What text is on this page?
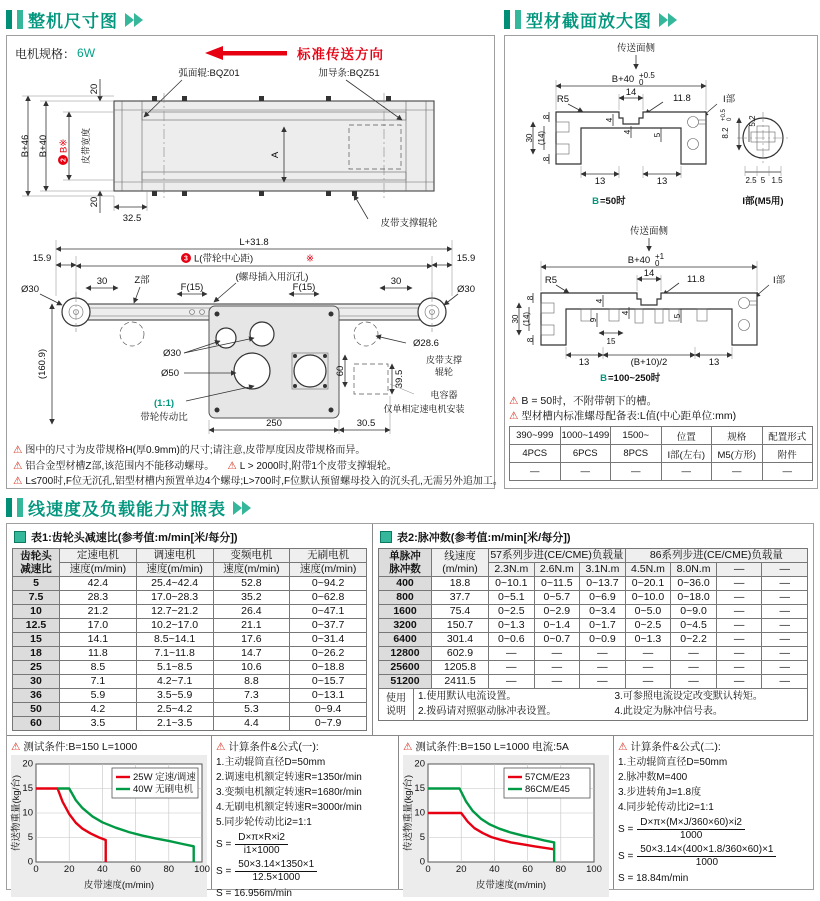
整机尺寸图
电机规格： 6W	标准传送方向
弧面辊:BQZ01	加导条:BQZ51
皮带支撑辊轮
B+46 B+40
2
B※ 皮带宽度
20
20
32.5
A

L+31.8
15.9	15.9
3 L(带轮中心距)	※
(螺母插入用沉孔)
Ø30	Ø30
30	30
Z部
F(15)	F(15)
(160.9)	Ø30
Ø50
Ø28.6
皮带支撑
辊轮
60	39.5
电容器
仅单相定速电机安装
(1:1)
带轮传动比
250	30.5
⚠ 图中的尺寸为皮带规格H(厚0.9mm)的尺寸;请注意,皮带厚度因皮带规格而异。
⚠ 铝合金型材槽Z部,该范围内不能移动螺母。 ⚠ L > 2000时,附带1个皮带支撑辊轮。
⚠ L≤700时,F位无沉孔,铝型材槽内预置单边4个螺母;L>700时,F位默认预留螺母投入的沉头孔,无需另外追加工。
型材截面放大图
传送面侧
B+40 +0.5
0
14
R5	11.8	I部
8
30 (14)
8
4
4
5
13	13
B =50时
8.2
+0.5 0 5.2
2.5 5 1.5
I部(M5用)

传送面侧
B+40 +1
0
14
R5	11.8	I部
8
30 (14)
8
4
4
9
15
5
13	(B+10)/2	13
B =100~250时
⚠ B = 50时，不附带朝下的槽。
⚠ 型材槽内标准螺母配备表:L值(中心距单位:mm)
390~999	1000~1499	1500~	位置	规格	配置形式
4PCS	6PCS	8PCS	I部(左右)	M5(方形)	附件
—	—	—	—	—	—
线速度及负载能力对照表
表1:齿轮头减速比(参考值:m/min[米/每分])
齿轮头
减速比	定速电机	调速电机	变频电机	无刷电机
	速度(m/min)	速度(m/min)	速度(m/min)	速度(m/min)
5	42.4	25.4~42.4	52.8	0~94.2
7.5	28.3	17.0~28.3	35.2	0~62.8
10	21.2	12.7~21.2	26.4	0~47.1
12.5	17.0	10.2~17.0	21.1	0~37.7
15	14.1	8.5~14.1	17.6	0~31.4
18	11.8	7.1~11.8	14.7	0~26.2
25	8.5	5.1~8.5	10.6	0~18.8
30	7.1	4.2~7.1	8.8	0~15.7
36	5.9	3.5~5.9	7.3	0~13.1
50	4.2	2.5~4.2	5.3	0~9.4
60	3.5	2.1~3.5	4.4	0~7.9
表2:脉冲数(参考值:m/min[米/每分])
单脉冲
脉冲数

线速度
(m/min)
	57系列步进(CE/CME)负载量	86系列步进(CE/CME)负载量
		2.3N.m	2.6N.m	3.1N.m	4.5N.m	8.0N.m	—	—
400	18.8	0~10.1	0~11.5	0~13.7	0~20.1	0~36.0	—	—
800	37.7	0~5.1	0~5.7	0~6.9	0~10.0	0~18.0	—	—
1600	75.4	0~2.5	0~2.9	0~3.4	0~5.0	0~9.0	—	—
3200	150.7	0~1.3	0~1.4	0~1.7	0~2.5	0~4.5	—	—
6400	301.4	0~0.6	0~0.7	0~0.9	0~1.3	0~2.2	—	—
12800	602.9	—	—	—	—	—	—	—
25600	1205.8	—	—	—	—	—	—	—
51200	2411.5	—	—	—	—	—	—	—
使用
说明
1.使用默认电流设置。
2.拨码请对照驱动脉冲表设置。
3.可参照电流设定改变默认转矩。
4.此设定为脉冲信号表。
⚠ 测试条件:B=150 L=1000
0	20 40 60 80 100
0
5
10
15
20
皮带速度(m/min)
传送物重量(kg/台)	25W 定速/调速
40W 无刷电机
⚠ 计算条件&公式(一):
1.主动辊筒直径D=50mm
2.调速电机额定转速R=1350r/min
3.变频电机额定转速R=1680r/min
4.无刷电机额定转速R=3000r/min
5.同步轮传动比i2=1:1
$S = \frac{D\times\pi\times R\times i2}{i1\times 1000}$
$S = \frac{50\times 3.14\times 1350\times 1}{12.5\times 1000}$
S = 16.956m/min
⚠ 测试条件:B=150 L=1000 电流:5A
0	20 40 60 80 100
0
5
10
15
20
皮带速度(m/min)
传送物重量(kg/台)	57CM/E23
86CM/E45
⚠ 计算条件&公式(二):
1.主动辊筒直径D=50mm
2.脉冲数M=400
3.步进转角J=1.8度
4.同步轮传动比i2=1:1
$S = \frac{D\times\pi\times(M\times J/360\times 60)\times i2}{1000}$
$S = \frac{50\times 3.14\times(400\times 1.8/360\times 60)\times 1}{1000}$
S = 18.84m/min
